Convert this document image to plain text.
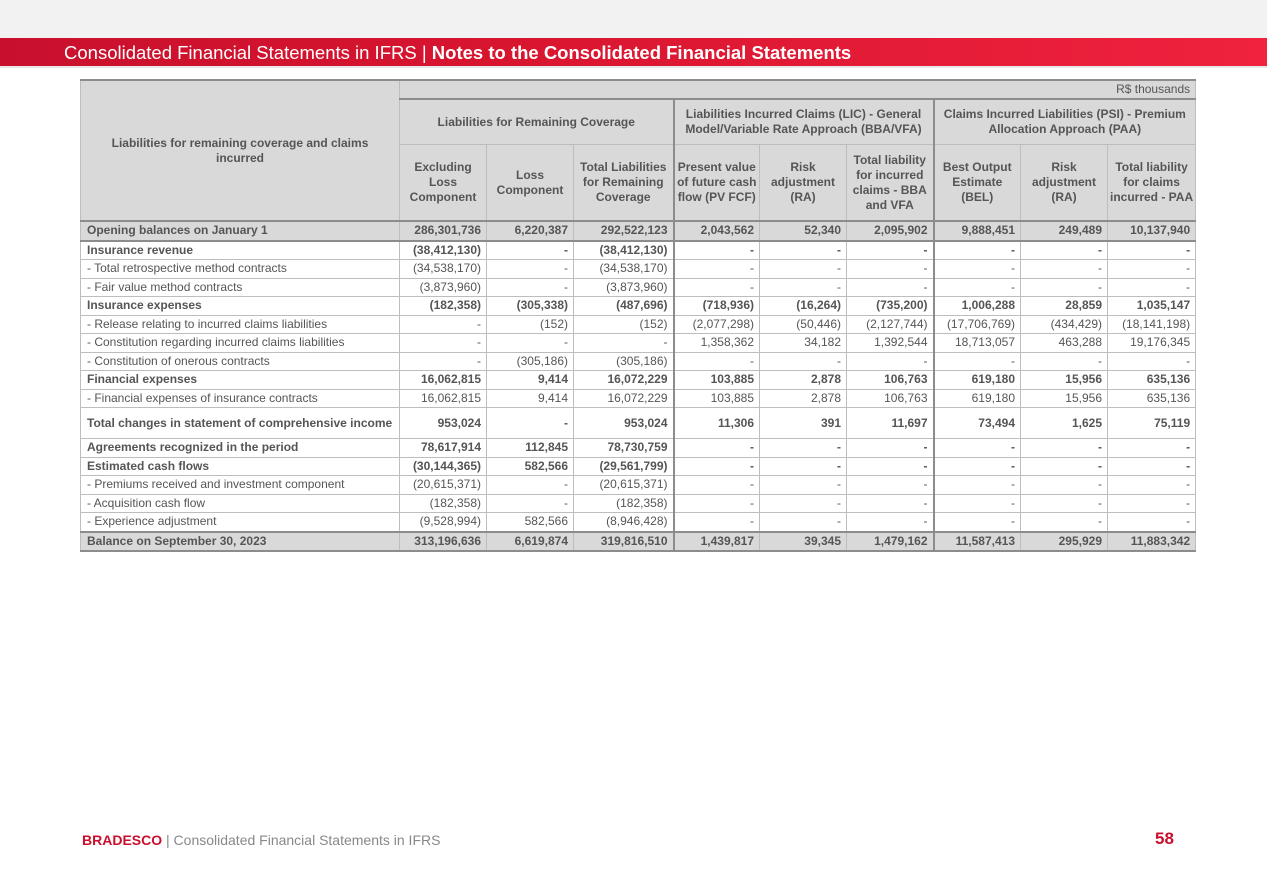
Consolidated Financial Statements in IFRS | Notes to the Consolidated Financial Statements
Liabilities for remaining coverage and claims incurred	R$ thousands								
	Liabilities for Remaining Coverage			Liabilities Incurred Claims (LIC) - General Model/Variable Rate Approach (BBA/VFA)			Claims Incurred Liabilities (PSI) - Premium Allocation Approach (PAA)		
	Excluding Loss Component	Loss Component	Total Liabilities for Remaining Coverage	Present value of future cash flow (PV FCF)	Risk adjustment (RA)	Total liability for incurred claims - BBA and VFA	Best Output Estimate (BEL)	Risk adjustment (RA)	Total liability for claims incurred - PAA
Opening balances on January 1	286,301,736	6,220,387	292,522,123	2,043,562	52,340	2,095,902	9,888,451	249,489	10,137,940
Insurance revenue	(38,412,130)	-	(38,412,130)	-	-	-	-	-	-
- Total retrospective method contracts	(34,538,170)	-	(34,538,170)	-	-	-	-	-	-
- Fair value method contracts	(3,873,960)	-	(3,873,960)	-	-	-	-	-	-
Insurance expenses	(182,358)	(305,338)	(487,696)	(718,936)	(16,264)	(735,200)	1,006,288	28,859	1,035,147
- Release relating to incurred claims liabilities	-	(152)	(152)	(2,077,298)	(50,446)	(2,127,744)	(17,706,769)	(434,429)	(18,141,198)
- Constitution regarding incurred claims liabilities	-	-	-	1,358,362	34,182	1,392,544	18,713,057	463,288	19,176,345
- Constitution of onerous contracts	-	(305,186)	(305,186)	-	-	-	-	-	-
Financial expenses	16,062,815	9,414	16,072,229	103,885	2,878	106,763	619,180	15,956	635,136
- Financial expenses of insurance contracts	16,062,815	9,414	16,072,229	103,885	2,878	106,763	619,180	15,956	635,136
Total changes in statement of comprehensive income	953,024	-	953,024	11,306	391	11,697	73,494	1,625	75,119
Agreements recognized in the period	78,617,914	112,845	78,730,759	-	-	-	-	-	-
Estimated cash flows	(30,144,365)	582,566	(29,561,799)	-	-	-	-	-	-
- Premiums received and investment component	(20,615,371)	-	(20,615,371)	-	-	-	-	-	-
- Acquisition cash flow	(182,358)	-	(182,358)	-	-	-	-	-	-
- Experience adjustment	(9,528,994)	582,566	(8,946,428)	-	-	-	-	-	-
Balance on September 30, 2023	313,196,636	6,619,874	319,816,510	1,439,817	39,345	1,479,162	11,587,413	295,929	11,883,342
BRADESCO | Consolidated Financial Statements in IFRS	58
